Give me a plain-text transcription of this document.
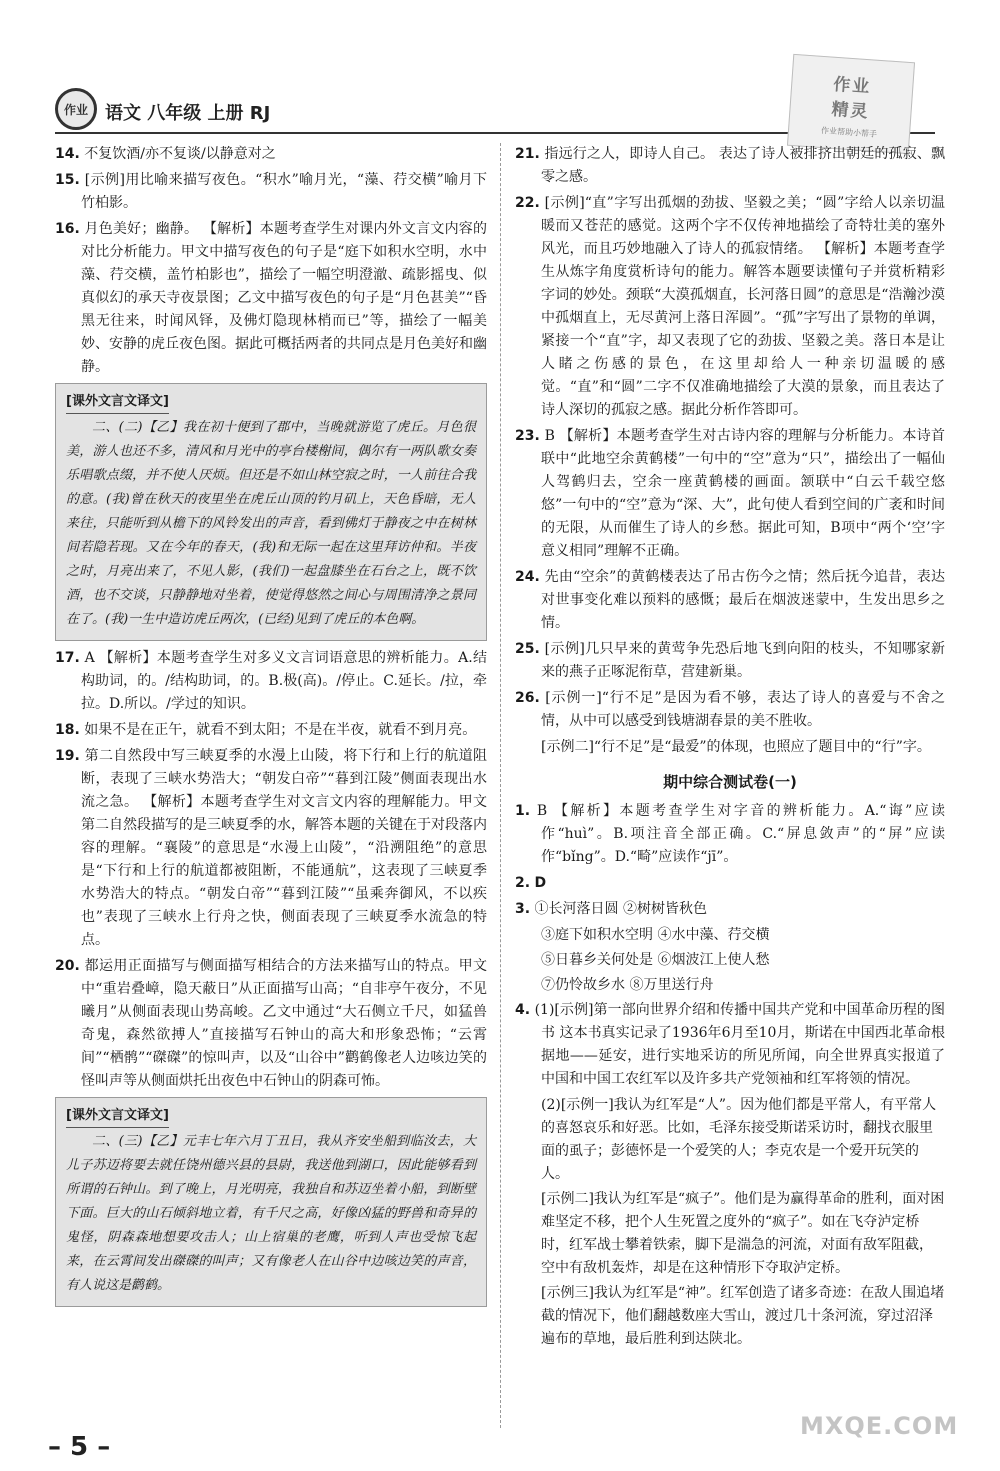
作业 语文 八年级 上册 RJ
作业
精灵
作业帮助小帮手
14. 不复饮酒/亦不复谈/以静意对之
15. [示例]用比喻来描写夜色。“积水”喻月光，“藻、荇交横”喻月下竹柏影。
16. 月色美好；幽静。 【解析】本题考查学生对课内外文言文内容的对比分析能力。甲文中描写夜色的句子是“庭下如积水空明，水中藻、荇交横，盖竹柏影也”，描绘了一幅空明澄澈、疏影摇曳、似真似幻的承天寺夜景图；乙文中描写夜色的句子是“月色甚美”“昏黑无往来，时闻风铎，及佛灯隐现林梢而已”等，描绘了一幅美妙、安静的虎丘夜色图。据此可概括两者的共同点是月色美好和幽静。
[课外文言文译文]
二、(二)【乙】我在初十便到了郡中，当晚就游览了虎丘。月色很美，游人也还不多，清风和月光中的亭台楼榭间，偶尔有一两队歌女奏乐唱歌点缀，并不使人厌烦。但还是不如山林空寂之时，一人前往合我的意。(我)曾在秋天的夜里坐在虎丘山顶的钓月矶上，天色昏暗，无人来往，只能听到从檐下的风铃发出的声音，看到佛灯于静夜之中在树林间若隐若现。又在今年的春天，(我)和无际一起在这里拜访仲和。半夜之时，月亮出来了，不见人影，(我们)一起盘膝坐在石台之上，既不饮酒，也不交谈，只静静地对坐着，使觉得悠然之间心与周围清净之景同在了。(我)一生中造访虎丘两次，(已经)见到了虎丘的本色啊。
17. A 【解析】本题考查学生对多义文言词语意思的辨析能力。A.结构助词，的。/结构助词，的。B.极(高)。/停止。C.延长。/拉，牵拉。D.所以。/学过的知识。
18. 如果不是在正午，就看不到太阳；不是在半夜，就看不到月亮。
19. 第二自然段中写三峡夏季的水漫上山陵，将下行和上行的航道阻断，表现了三峡水势浩大；“朝发白帝”“暮到江陵”侧面表现出水流之急。 【解析】本题考查学生对文言文内容的理解能力。甲文第二自然段描写的是三峡夏季的水，解答本题的关键在于对段落内容的理解。“襄陵”的意思是“水漫上山陵”，“沿溯阻绝”的意思是“下行和上行的航道都被阻断，不能通航”，这表现了三峡夏季水势浩大的特点。“朝发白帝”“暮到江陵”“虽乘奔御风，不以疾也”表现了三峡水上行舟之快，侧面表现了三峡夏季水流急的特点。
20. 都运用正面描写与侧面描写相结合的方法来描写山的特点。甲文中“重岩叠嶂，隐天蔽日”从正面描写山高；“自非亭午夜分，不见曦月”从侧面表现山势高峻。乙文中通过“大石侧立千尺，如猛兽奇鬼，森然欲搏人”直接描写石钟山的高大和形象恐怖；“云霄间”“栖鹘”“磔磔”的惊叫声，以及“山谷中”鹳鹤像老人边咳边笑的怪叫声等从侧面烘托出夜色中石钟山的阴森可怖。
[课外文言文译文]
二、(三)【乙】元丰七年六月丁丑日，我从齐安坐船到临汝去，大儿子苏迈将要去就任饶州德兴县的县尉，我送他到湖口，因此能够看到所谓的石钟山。到了晚上，月光明亮，我独自和苏迈坐着小船，到断壁下面。巨大的山石倾斜地立着，有千尺之高，好像凶猛的野兽和奇异的鬼怪，阴森森地想要攻击人；山上宿巢的老鹰，听到人声也受惊飞起来，在云霄间发出磔磔的叫声；又有像老人在山谷中边咳边笑的声音，有人说这是鹳鹤。
21. 指远行之人，即诗人自己。 表达了诗人被排挤出朝廷的孤寂、飘零之感。
22. [示例]“直”字写出孤烟的劲拔、坚毅之美；“圆”字给人以亲切温暖而又苍茫的感觉。这两个字不仅传神地描绘了奇特壮美的塞外风光，而且巧妙地融入了诗人的孤寂情绪。 【解析】本题考查学生从炼字角度赏析诗句的能力。解答本题要读懂句子并赏析精彩字词的妙处。颈联“大漠孤烟直，长河落日圆”的意思是“浩瀚沙漠中孤烟直上，无尽黄河上落日浑圆”。“孤”字写出了景物的单调，紧接一个“直”字，却又表现了它的劲拔、坚毅之美。落日本是让人睹之伤感的景色，在这里却给人一种亲切温暖的感觉。“直”和“圆”二字不仅准确地描绘了大漠的景象，而且表达了诗人深切的孤寂之感。据此分析作答即可。
23. B 【解析】本题考查学生对古诗内容的理解与分析能力。本诗首联中“此地空余黄鹤楼”一句中的“空”意为“只”，描绘出了一幅仙人驾鹤归去，空余一座黄鹤楼的画面。颔联中“白云千载空悠悠”一句中的“空”意为“深、大”，此句使人看到空间的广袤和时间的无限，从而催生了诗人的乡愁。据此可知，B项中“两个‘空’字意义相同”理解不正确。
24. 先由“空余”的黄鹤楼表达了吊古伤今之情；然后抚今追昔，表达对世事变化难以预料的感慨；最后在烟波迷蒙中，生发出思乡之情。
25. [示例]几只早来的黄莺争先恐后地飞到向阳的枝头，不知哪家新来的燕子正啄泥衔草，营建新巢。
26. [示例一]“行不足”是因为看不够，表达了诗人的喜爱与不舍之情，从中可以感受到钱塘湖春景的美不胜收。
[示例二]“行不足”是“最爱”的体现，也照应了题目中的“行”字。
期中综合测试卷(一)
1. B 【解析】本题考查学生对字音的辨析能力。A.“诲”应读作“huì”。B.项注音全部正确。C.“屏息敛声”的“屏”应读作“bǐng”。D.“畸”应读作“jī”。
2. D
3. ①长河落日圆 ②树树皆秋色
③庭下如积水空明 ④水中藻、荇交横
⑤日暮乡关何处是 ⑥烟波江上使人愁
⑦仍怜故乡水 ⑧万里送行舟
4. (1)[示例]第一部向世界介绍和传播中国共产党和中国革命历程的图书 这本书真实记录了1936年6月至10月，斯诺在中国西北革命根据地——延安，进行实地采访的所见所闻，向全世界真实报道了中国和中国工农红军以及许多共产党领袖和红军将领的情况。
(2)[示例一]我认为红军是“人”。因为他们都是平常人，有平常人的喜怒哀乐和好恶。比如，毛泽东接受斯诺采访时，翻找衣服里面的虱子；彭德怀是一个爱笑的人；李克农是一个爱开玩笑的人。
[示例二]我认为红军是“疯子”。他们是为赢得革命的胜利，面对困难坚定不移，把个人生死置之度外的“疯子”。如在飞夺泸定桥时，红军战士攀着铁索，脚下是湍急的河流，对面有敌军阻截，空中有敌机轰炸，却是在这种情形下夺取泸定桥。
[示例三]我认为红军是“神”。红军创造了诸多奇迹：在敌人围追堵截的情况下，他们翻越数座大雪山，渡过几十条河流，穿过沼泽遍布的草地，最后胜利到达陕北。
– 5 –
MXQE.COM
